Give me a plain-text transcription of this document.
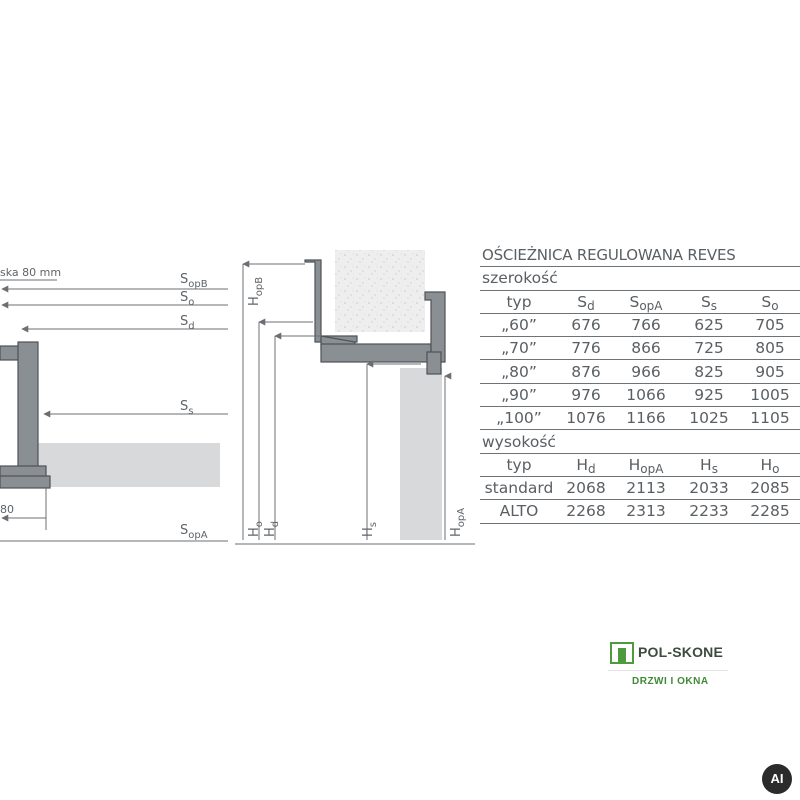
ska 80 mm
80
$S_{opB}$
$S_o$
$S_d$
$S_s$
$S_{opA}$
$H_{opB}$
$H_o$
$H_d$
$H_s$
$H_{opA}$
OŚCIEŻNICA REGULOWANA REVES				
szerokość				
typ	$S_d$	$S_{opA}$	$S_s$	$S_o$
„60”	676	766	625	705
„70”	776	866	725	805
„80”	876	966	825	905
„90”	976	1066	925	1005
„100”	1076	1166	1025	1105
wysokość				
typ	$H_d$	$H_{opA}$	$H_s$	$H_o$
standard	2068	2113	2033	2085
ALTO	2268	2313	2233	2285
POL-SKONE
DRZWI I OKNA
AI
